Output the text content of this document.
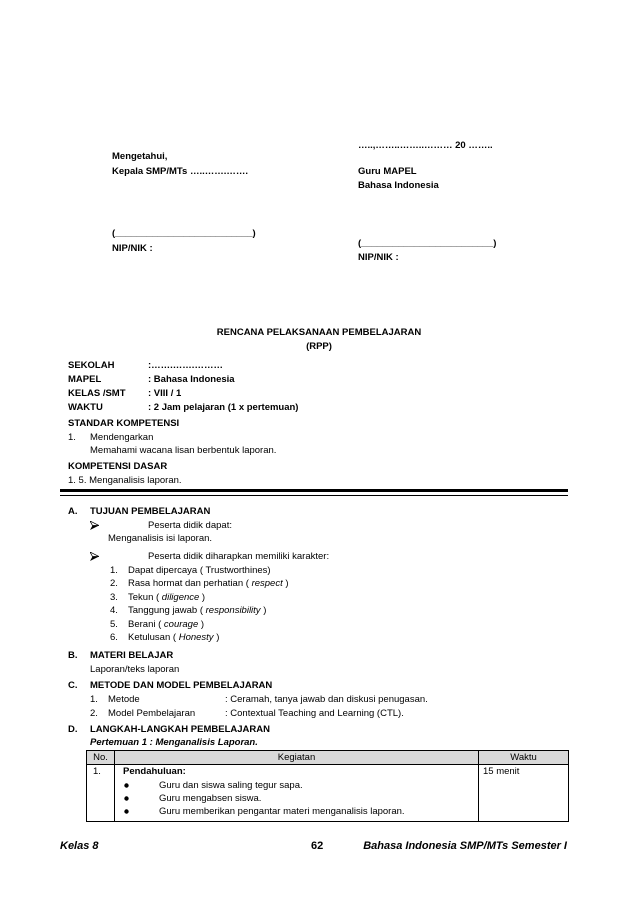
…..,……..……..……… 20 ……..
Mengetahui,
Kepala SMP/MTs …..…….…….	Guru MAPEL
Bahasa Indonesia
(__________________________)
NIP/NIK :	(_________________________)
NIP/NIK :
RENCANA PELAKSANAAN PEMBELAJARAN
(RPP)
SEKOLAH	:…….…….………
MAPEL	: Bahasa Indonesia
KELAS /SMT : VIII / 1
WAKTU	: 2 Jam pelajaran (1 x pertemuan)
STANDAR KOMPETENSI
1. Mendengarkan
Memahami wacana lisan berbentuk laporan.
KOMPETENSI DASAR
1. 5. Menganalisis laporan.
A. TUJUAN PEMBELAJARAN
Peserta didik dapat:
Menganalisis isi laporan.
Peserta didik diharapkan memiliki karakter:
1. Dapat dipercaya ( Trustworthines)
2. Rasa hormat dan perhatian ( respect )
3. Tekun ( diligence )
4. Tanggung jawab ( responsibility )
5. Berani ( courage )
6. Ketulusan ( Honesty )
B. MATERI BELAJAR
Laporan/teks laporan
C. METODE DAN MODEL PEMBELAJARAN
1. Metode	: Ceramah, tanya jawab dan diskusi penugasan.
2. Model Pembelajaran	: Contextual Teaching and Learning (CTL).
D. LANGKAH-LANGKAH PEMBELAJARAN
Pertemuan 1 : Menganalisis Laporan.
No.	Kegiatan	Waktu
1.	Pendahuluan:
Guru dan siswa saling tegur sapa.
Guru mengabsen siswa.
Guru memberikan pengantar materi menganalisis laporan.	15 menit
Kelas 8	62	Bahasa Indonesia SMP/MTs Semester I
